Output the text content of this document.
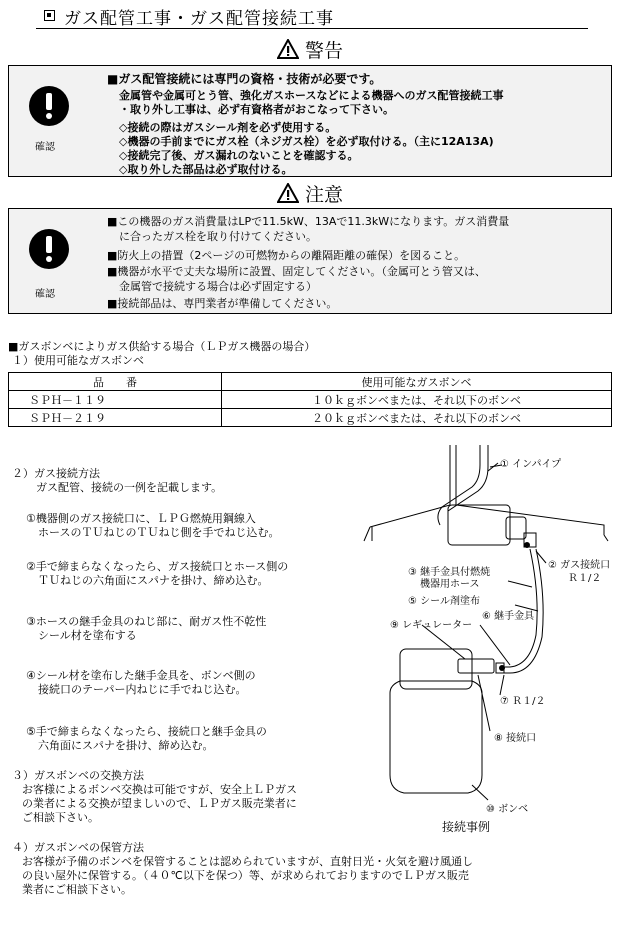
ガス配管工事・ガス配管接続工事
警告
確認
■ガス配管接続には専門の資格・技術が必要です。
金属管や金属可とう管、強化ガスホースなどによる機器へのガス配管接続工事
・取り外し工事は、必ず有資格者がおこなって下さい。
◇接続の際はガスシール剤を必ず使用する。
◇機器の手前までにガス栓（ネジガス栓）を必ず取付ける。（主に12A13A)
◇接続完了後、ガス漏れのないことを確認する。
◇取り外した部品は必ず取付ける。
注意
確認
■この機器のガス消費量はLPで11.5kW、13Aで11.3kWになります。ガス消費量
に合ったガス栓を取り付けてください。
■防火上の措置（2ページの可燃物からの離隔距離の確保）を図ること。
■機器が水平で丈夫な場所に設置、固定してください。（金属可とう管又は、
金属管で接続する場合は必ず固定する）
■接続部品は、専門業者が準備してください。
■ガスボンベによりガス供給する場合（ＬＰガス機器の場合）
１）使用可能なガスボンベ
品　　番	使用可能なガスボンベ
ＳＰＨ－１１９	１０ｋｇボンベまたは、それ以下のボンベ
ＳＰＨ－２１９	２０ｋｇボンベまたは、それ以下のボンベ
２）ガス接続方法
ガス配管、接続の一例を記載します。
①機器側のガス接続口に、ＬＰＧ燃焼用鋼線入
ホースのＴＵねじのＴＵねじ側を手でねじ込む。
②手で締まらなくなったら、ガス接続口とホース側の
ＴＵねじの六角面にスパナを掛け、締め込む。
③ホースの継手金具のねじ部に、耐ガス性不乾性
シール材を塗布する
④シール材を塗布した継手金具を、ボンベ側の
接続口のテーパー内ねじに手でねじ込む。
⑤手で締まらなくなったら、接続口と継手金具の
六角面にスパナを掛け、締め込む。
３）ガスボンベの交換方法
お客様によるボンベ交換は可能ですが、安全上ＬＰガス
の業者による交換が望ましいので、ＬＰガス販売業者に
ご相談下さい。
４）ガスボンベの保管方法
お客様が予備のボンベを保管することは認められていますが、直射日光・火気を避け風通し
の良い屋外に保管する。（４０℃以下を保つ）等、が求められておりますのでＬＰガス販売
業者にご相談下さい。
① インパイプ
② ガス接続口
Ｒ１/２
③ 継手金具付燃焼
機器用ホース
⑤ シール剤塗布
⑥ 継手金具
⑨ レギュレーター
⑦ Ｒ１/２
⑧ 接続口
⑩ ボンベ
接続事例
